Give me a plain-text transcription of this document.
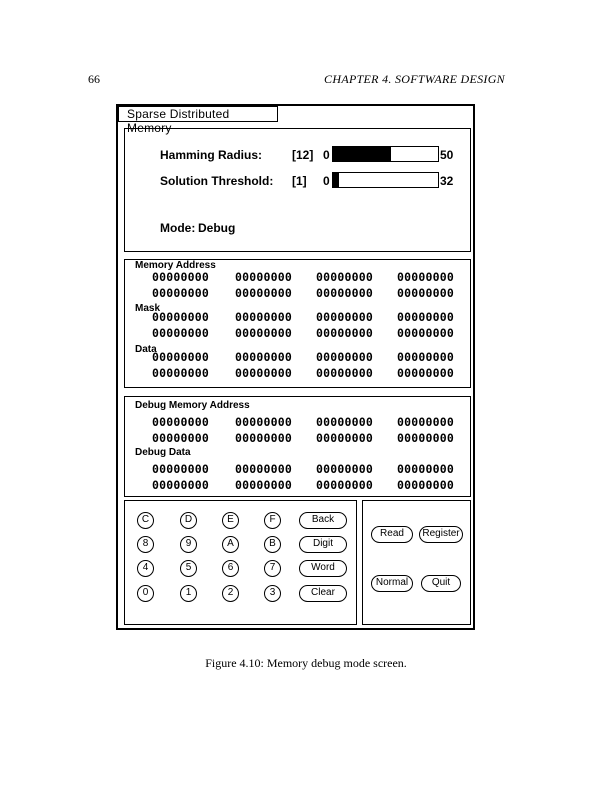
66	CHAPTER 4. SOFTWARE DESIGN
Sparse Distributed Memory
Hamming Radius: [12] 0	50
Solution Threshold: [1] 0	32
Mode: Debug
Memory Address
Mask
Data
00000000 00000000 00000000 00000000
00000000 00000000 00000000 00000000
00000000 00000000 00000000 00000000
00000000 00000000 00000000 00000000
00000000 00000000 00000000 00000000
00000000 00000000 00000000 00000000
Debug Memory Address
Debug Data
00000000 00000000 00000000 00000000
00000000 00000000 00000000 00000000
00000000 00000000 00000000 00000000
00000000 00000000 00000000 00000000
C	D	E	F	Back
8	9	A	B	Digit
4	5	6	7	Word
0	1	2	3	Clear
Read	Register
Normal	Quit
Figure 4.10: Memory debug mode screen.
